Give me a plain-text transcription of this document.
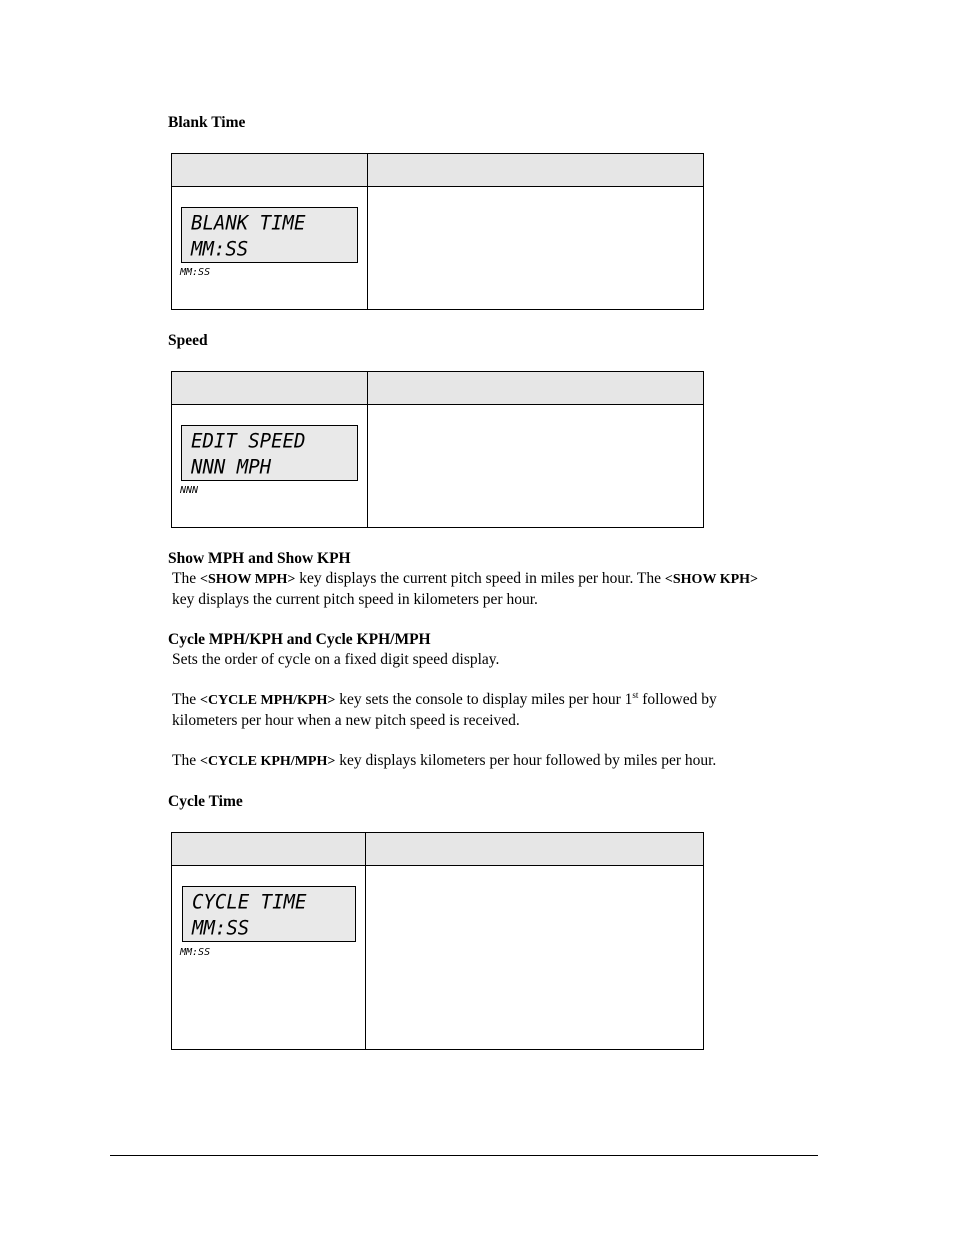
Blank Time
BLANK TIME
MM:SS
MM:SS
Speed
EDIT SPEED
NNN MPH
NNN
Show MPH and Show KPH
The <SHOW MPH> key displays the current pitch speed in miles per hour. The <SHOW KPH> key displays the current pitch speed in kilometers per hour.
Cycle MPH/KPH and Cycle KPH/MPH
Sets the order of cycle on a fixed digit speed display.
The <CYCLE MPH/KPH> key sets the console to display miles per hour 1st followed by kilometers per hour when a new pitch speed is received.
The <CYCLE KPH/MPH> key displays kilometers per hour followed by miles per hour.
Cycle Time
CYCLE TIME
MM:SS
MM:SS
